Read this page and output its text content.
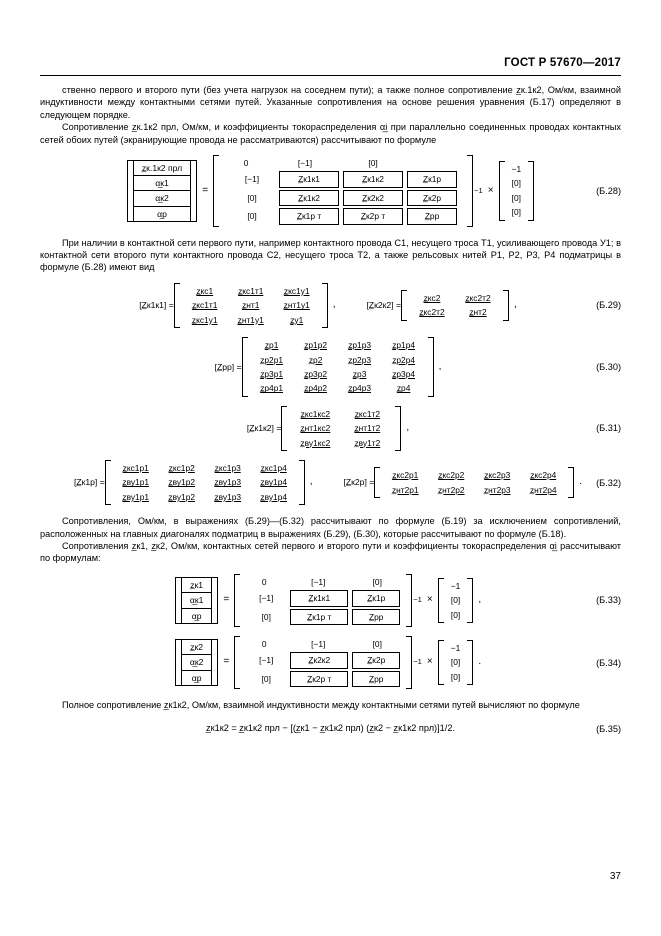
ГОСТ Р 57670—2017

ственно первого и второго пути (без учета нагрузок на соседнем пути); а также полное сопротивление z̲к.1к2, Ом/км, взаимной индуктивности между контактными сетями путей. Указанные сопротивления на основе решения уравнения (Б.17) определяют в следующем порядке.

Сопротивление z̲к.1к2 прл, Ом/км, и коэффициенты токораспределения α̲i при параллельно соединенных проводах контактных сетей обоих путей (экранирующие провода не рассматриваются) рассчитывают по формуле

z̲к.1к2 прл
α̲к1
α̲к2
α̲р
=
0	[−1]	[0]
[−1]	Z̲к1к1	Z̲к1к2	Z̲к1р
[0]	Z̲к1к2	Z̲к2к2	Z̲к2р
[0]	Z̲к1р т	Z̲к2р т	Z̲рр
−1 ×
−1
[0]
[0]
[0]
(Б.28)

При наличии в контактной сети первого пути, например контактного провода С1, несущего троса Т1, усиливающего провода У1; в контактной сети второго пути контактного провода С2, несущего троса Т2, а также рельсовых нитей Р1, Р2, Р3, Р4 подматрицы в формуле (Б.28) имеют вид

[Z̲к1к1] =
z̲кс1	z̲кс1т1	z̲кс1у1
z̲кс1т1	z̲нт1	z̲нт1у1
z̲кс1у1	z̲нт1у1	z̲у1
,	[Z̲к2к2] =
z̲кс2	z̲кс2т2
z̲кс2т2	z̲нт2
,	(Б.29)
[Z̲рр] =
z̲р1	z̲р1р2	z̲р1р3	z̲р1р4
z̲р2р1	z̲р2	z̲р2р3	z̲р2р4
z̲р3р1	z̲р3р2	z̲р3	z̲р3р4
z̲р4р1	z̲р4р2	z̲р4р3	z̲р4
,	(Б.30)
[Z̲к1к2] =
z̲кс1кс2	z̲кс1т2
z̲нт1кс2	z̲нт1т2
z̲ву1кс2	z̲ву1т2
,	(Б.31)
[Z̲к1р] =
z̲кс1р1	z̲кс1р2	z̲кс1р3	z̲кс1р4
z̲ву1р1	z̲ву1р2	z̲ву1р3	z̲ву1р4
z̲ву1р1	z̲ву1р2	z̲ву1р3	z̲ву1р4
,	[Z̲к2р] =
z̲кс2р1	z̲кс2р2	z̲кс2р3	z̲кс2р4
z̲нт2р1	z̲нт2р2	z̲нт2р3	z̲нт2р4
.	(Б.32)

Сопротивления, Ом/км, в выражениях (Б.29)—(Б.32) рассчитывают по формуле (Б.19) за исключением сопротивлений, расположенных на главных диагоналях подматриц в выражениях (Б.29), (Б.30), которые рассчитывают по формуле (Б.18).

Сопротивления z̲к1, z̲к2, Ом/км, контактных сетей первого и второго пути и коэффициенты токораспределения α̲i рассчитывают по формулам:

z̲к1
α̲к1
α̲р
=
0	[−1]	[0]
[−1]	Z̲к1к1	Z̲к1р
[0]	Z̲к1р т	Z̲рр
−1 ×
−1
[0]
[0]
,	(Б.33)
z̲к2
α̲к2
α̲р
=
0	[−1]	[0]
[−1]	Z̲к2к2	Z̲к2р
[0]	Z̲к2р т	Z̲рр
−1 ×
−1
[0]
[0]
.	(Б.34)

Полное сопротивление z̲к1к2, Ом/км, взаимной индуктивности между контактными сетями путей вычисляют по формуле

z̲к1к2 = z̲к1к2 прл − [(z̲к1 − z̲к1к2 прл) (z̲к2 − z̲к1к2 прл)]1/2.	(Б.35)
37
